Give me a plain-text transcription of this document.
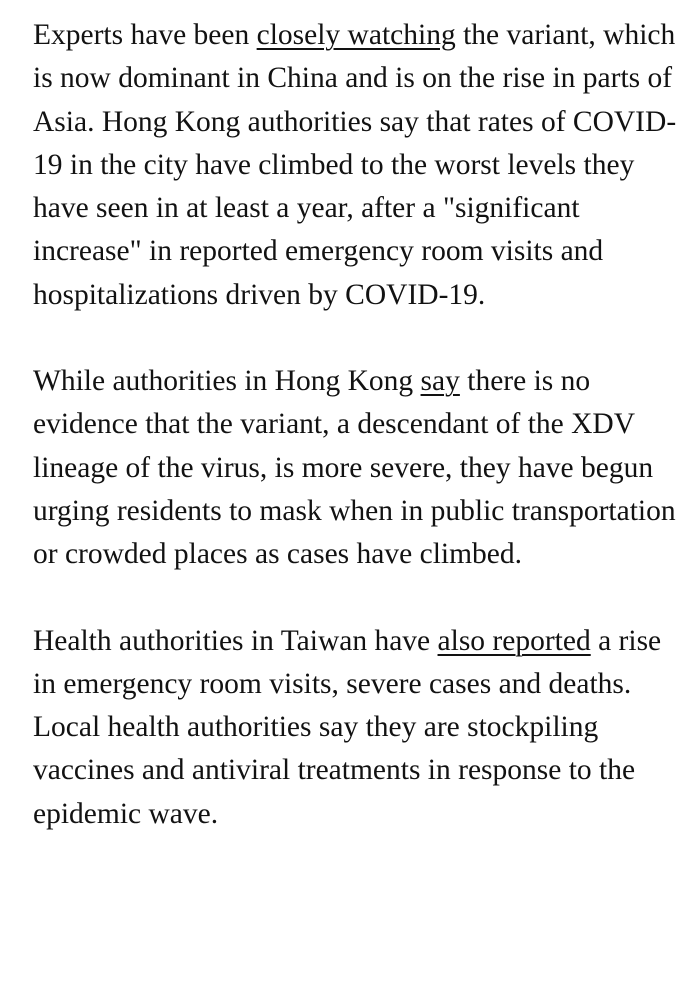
Experts have been closely watching the variant, which is now dominant in China and is on the rise in parts of Asia. Hong Kong authorities say that rates of COVID-19 in the city have climbed to the worst levels they have seen in at least a year, after a "significant increase" in reported emergency room visits and hospitalizations driven by COVID-19.

While authorities in Hong Kong say there is no evidence that the variant, a descendant of the XDV lineage of the virus, is more severe, they have begun urging residents to mask when in public transportation or crowded places as cases have climbed.

Health authorities in Taiwan have also reported a rise in emergency room visits, severe cases and deaths. Local health authorities say they are stockpiling vaccines and antiviral treatments in response to the epidemic wave.
